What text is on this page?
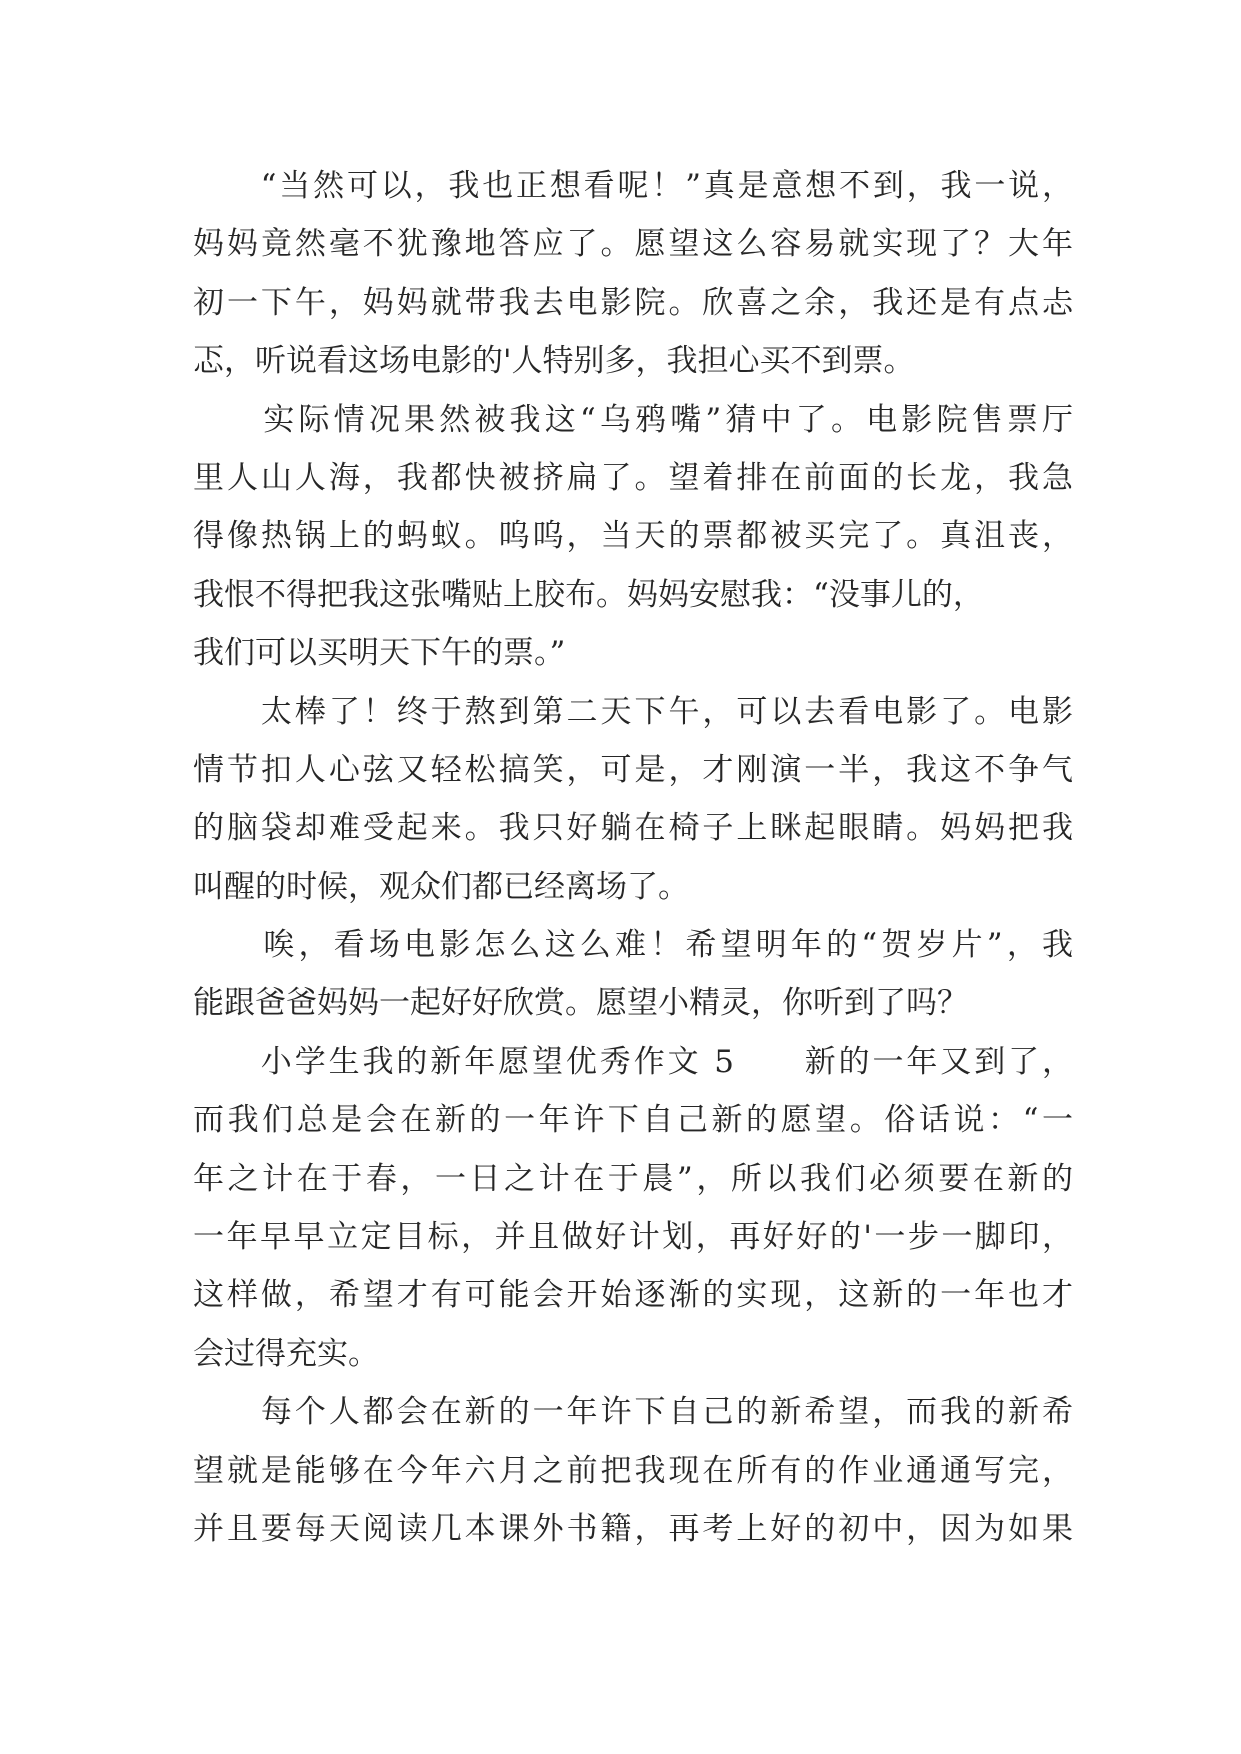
　　“当然可以，我也正想看呢！”真是意想不到，我一说，
妈妈竟然毫不犹豫地答应了。愿望这么容易就实现了？大年
初一下午，妈妈就带我去电影院。欣喜之余，我还是有点忐
忑，听说看这场电影的'人特别多，我担心买不到票。
　　实际情况果然被我这“乌鸦嘴”猜中了。电影院售票厅
里人山人海，我都快被挤扁了。望着排在前面的长龙，我急
得像热锅上的蚂蚁。呜呜，当天的票都被买完了。真沮丧，
我恨不得把我这张嘴贴上胶布。妈妈安慰我：“没事儿的，
我们可以买明天下午的票。”
　　太棒了！终于熬到第二天下午，可以去看电影了。电影
情节扣人心弦又轻松搞笑，可是，才刚演一半，我这不争气
的脑袋却难受起来。我只好躺在椅子上眯起眼睛。妈妈把我
叫醒的时候，观众们都已经离场了。
　　唉，看场电影怎么这么难！希望明年的“贺岁片”，我
能跟爸爸妈妈一起好好欣赏。愿望小精灵，你听到了吗？
　　小学生我的新年愿望优秀作文 5　　新的一年又到了，
而我们总是会在新的一年许下自己新的愿望。俗话说：“一
年之计在于春，一日之计在于晨”，所以我们必须要在新的
一年早早立定目标，并且做好计划，再好好的'一步一脚印，
这样做，希望才有可能会开始逐渐的实现，这新的一年也才
会过得充实。
　　每个人都会在新的一年许下自己的新希望，而我的新希
望就是能够在今年六月之前把我现在所有的作业通通写完，
并且要每天阅读几本课外书籍，再考上好的初中，因为如果
